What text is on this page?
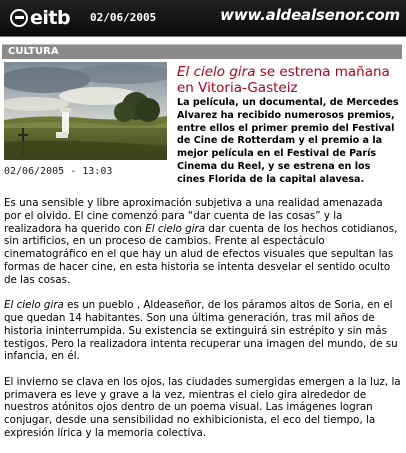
eitb 02/06/2005	www.aldealsenor.com
CULTURA
02/06/2005 - 13:03
El cielo gira se estrena mañana en Vitoria-Gasteiz

La película, un documental, de Mercedes Alvarez ha recibido numerosos premios, entre ellos el primer premio del Festival de Cine de Rotterdam y el premio a la mejor película en el Festival de París Cinema du Reel, y se estrena en los cines Florida de la capital alavesa.

Es una sensible y libre aproximación subjetiva a una realidad amenazada por el olvido. El cine comenzó para “dar cuenta de las cosas” y la realizadora ha querido con El cielo gira dar cuenta de los hechos cotidianos, sin artificios, en un proceso de cambios. Frente al espectáculo cinematográfico en el que hay un alud de efectos visuales que sepultan las formas de hacer cine, en esta historia se intenta desvelar el sentido oculto de las cosas.

El cielo gira es un pueblo , Aldeaseñor, de los páramos altos de Soria, en el que quedan 14 habitantes. Son una última generación, tras mil años de historia ininterrumpida. Su existencia se extinguirá sin estrépito y sin más testigos. Pero la realizadora intenta recuperar una imagen del mundo, de su infancia, en él.

El invierno se clava en los ojos, las ciudades sumergidas emergen a la luz, la primavera es leve y grave a la vez, mientras el cielo gira alrededor de nuestros atónitos ojos dentro de un poema visual. Las imágenes logran conjugar, desde una sensibilidad no exhibicionista, el eco del tiempo, la expresión lírica y la memoria colectiva.
